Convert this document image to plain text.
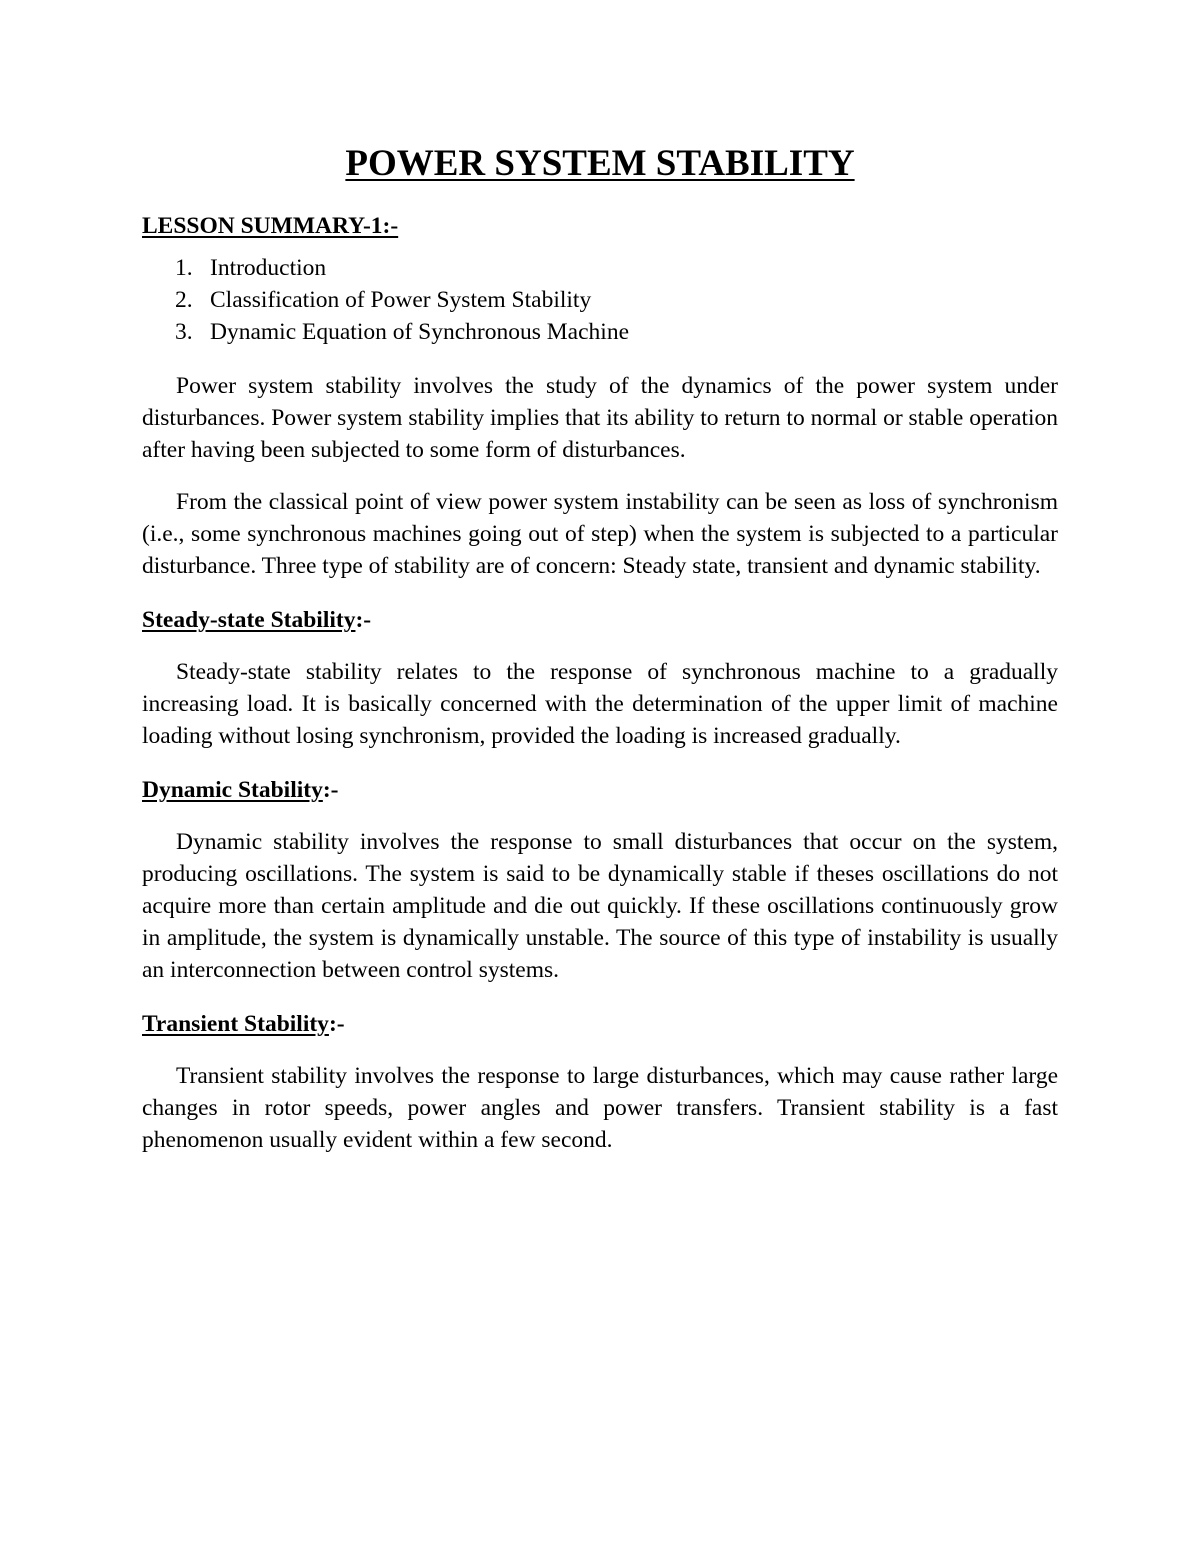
POWER SYSTEM STABILITY
LESSON SUMMARY-1:-
1. Introduction
2. Classification of Power System Stability
3. Dynamic Equation of Synchronous Machine

Power system stability involves the study of the dynamics of the power system under disturbances. Power system stability implies that its ability to return to normal or stable operation after having been subjected to some form of disturbances.

From the classical point of view power system instability can be seen as loss of synchronism (i.e., some synchronous machines going out of step) when the system is subjected to a particular disturbance. Three type of stability are of concern: Steady state, transient and dynamic stability.

Steady-state Stability:-

Steady-state stability relates to the response of synchronous machine to a gradually increasing load. It is basically concerned with the determination of the upper limit of machine loading without losing synchronism, provided the loading is increased gradually.

Dynamic Stability:-

Dynamic stability involves the response to small disturbances that occur on the system, producing oscillations. The system is said to be dynamically stable if theses oscillations do not acquire more than certain amplitude and die out quickly. If these oscillations continuously grow in amplitude, the system is dynamically unstable. The source of this type of instability is usually an interconnection between control systems.

Transient Stability:-

Transient stability involves the response to large disturbances, which may cause rather large changes in rotor speeds, power angles and power transfers. Transient stability is a fast phenomenon usually evident within a few second.
